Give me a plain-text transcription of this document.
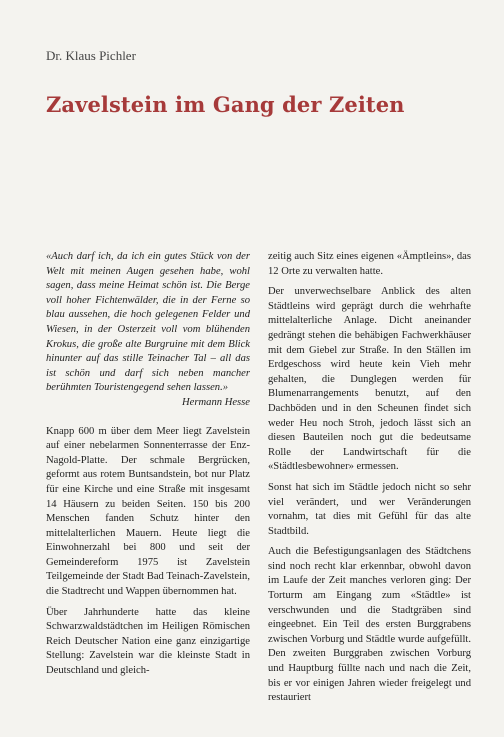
Dr. Klaus Pichler
Zavelstein im Gang der Zeiten

«Auch darf ich, da ich ein gutes Stück von der Welt mit meinen Augen gesehen habe, wohl sagen, dass meine Heimat schön ist. Die Berge voll hoher Fichtenwälder, die in der Ferne so blau aussehen, die hoch gelegenen Felder und Wiesen, in der Osterzeit voll vom blühenden Krokus, die große alte Burgruine mit dem Blick hinunter auf das stille Teinacher Tal – all das ist schön und darf sich neben mancher berühmten Touristengegend sehen lassen.»

Hermann Hesse

Knapp 600 m über dem Meer liegt Zavelstein auf einer nebelarmen Sonnenterrasse der Enz-Nagold-Platte. Der schmale Bergrücken, geformt aus rotem Buntsandstein, bot nur Platz für eine Kirche und eine Straße mit insgesamt 14 Häusern zu beiden Seiten. 150 bis 200 Menschen fanden Schutz hinter den mittelalterlichen Mauern. Heute liegt die Einwohnerzahl bei 800 und seit der Gemeindereform 1975 ist Zavelstein Teilgemeinde der Stadt Bad Teinach-Zavelstein, die Stadtrecht und Wappen übernommen hat.

Über Jahrhunderte hatte das kleine Schwarzwaldstädtchen im Heiligen Römischen Reich Deutscher Nation eine ganz einzigartige Stellung: Zavelstein war die kleinste Stadt in Deutschland und gleich-

zeitig auch Sitz eines eigenen «Ämptleins», das 12 Orte zu verwalten hatte.

Der unverwechselbare Anblick des alten Städtleins wird geprägt durch die wehrhafte mittelalterliche Anlage. Dicht aneinander gedrängt stehen die behäbigen Fachwerkhäuser mit dem Giebel zur Straße. In den Ställen im Erdgeschoss wird heute kein Vieh mehr gehalten, die Dunglegen werden für Blumenarrangements benutzt, auf den Dachböden und in den Scheunen findet sich weder Heu noch Stroh, jedoch lässt sich an diesen Bauteilen noch gut die bedeutsame Rolle der Landwirtschaft für die «Städtlesbewohner» ermessen.

Sonst hat sich im Städtle jedoch nicht so sehr viel verändert, und wer Veränderungen vornahm, tat dies mit Gefühl für das alte Stadtbild.

Auch die Befestigungsanlagen des Städtchens sind noch recht klar erkennbar, obwohl davon im Laufe der Zeit manches verloren ging: Der Torturm am Eingang zum «Städtle» ist verschwunden und die Stadtgräben sind eingeebnet. Ein Teil des ersten Burggrabens zwischen Vorburg und Städtle wurde aufgefüllt. Den zweiten Burggraben zwischen Vorburg und Hauptburg füllte nach und nach die Zeit, bis er vor einigen Jahren wieder freigelegt und restauriert
